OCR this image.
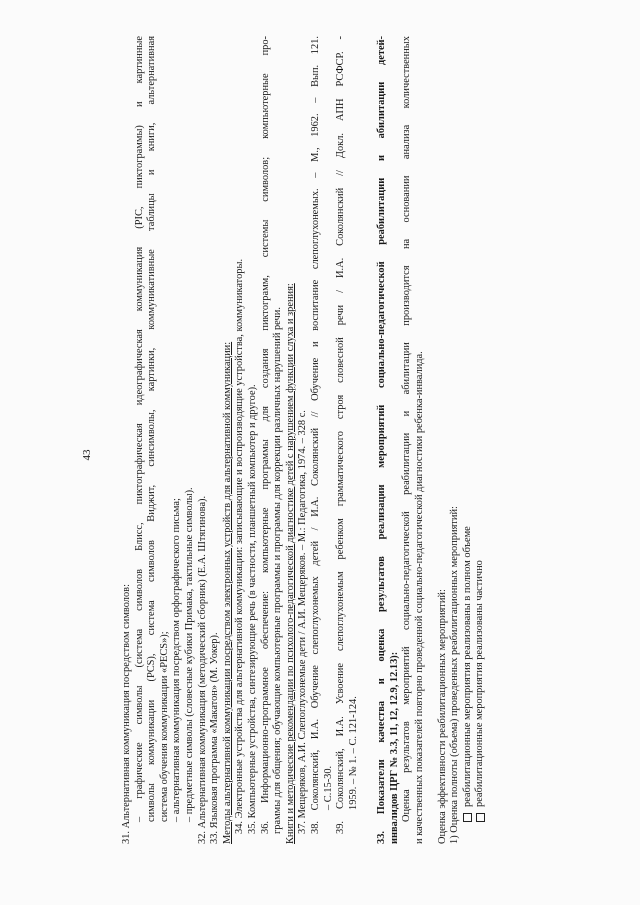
43
31. Альтернативная коммуникация посредством символов: – графические символы (система символов Блисс, пиктографическая идеографическая коммуникация (PIC, пиктограммы) и картинные символы коммуникации (PCS), система символов Виджит, синсимволы, картинки, коммуникативные таблицы и книги, альтернативная система обучения коммуникации «PECS»); – альтернативная коммуникация посредством орфографического письма; – предметные символы (словесные кубики Примака, тактильные символы). 32. Альтернативная коммуникация (методический сборник) (Е.А. Штягинова). 33. Языковая программа «Макатон» (М. Уокер). Методы альтернативной коммуникации посредством электронных устройств для альтернативной коммуникации: 34. Электронные устройства для альтернативной коммуникации: записывающие и воспроизводящие устройства, коммуникаторы. 35. Компьютерные устройства, синтезирующие речь (в частности, планшетный компьютер и другое). 36. Информационно-программное обеспечение: компьютерные программы для создания пиктограмм, системы символов; компьютерные про- граммы для общения; обучающие компьютерные программы и программы для коррекции различных нарушений речи. Книги и методические рекомендации по психолого-педагогической диагностике детей с нарушением функции слуха и зрения: 37. Мещеряков, А.И. Слепоглухонемые дети / А.И. Мещеряков. – М.: Педагогика, 1974. – 328 с. 38. Соколянский, И.А. Обучение слепоглухонемых детей / И.А. Соколянский // Обучение и воспитание слепоглухонемых. – М., 1962. – Вып. 121. – С.15-30. 39. Соколянский, И.А. Усвоение слепоглухонемым ребенком грамматического строя словесной речи / И.А. Соколянский // Докл. АПН РСФСР. - 1959. – № 1. – С. 121-124. 33. Показатели качества и оценка результатов реализации мероприятий социально-педагогической реабилитации и абилитации детей- инвалидов ЦРГ № 3.3, 11, 12, 12.9, 12.13): Оценка результатов мероприятий социально-педагогической реабилитации и абилитации производится на основании анализа количественных и качественных показателей повторно проведенной социально-педагогической диагностики ребенка-инвалида. Оценка эффективности реабилитационных мероприятий: 1) Оценка полноты (объема) проведенных реабилитационных мероприятий: реабилитационные мероприятия реализованы в полном объеме реабилитационные мероприятия реализованы частично
